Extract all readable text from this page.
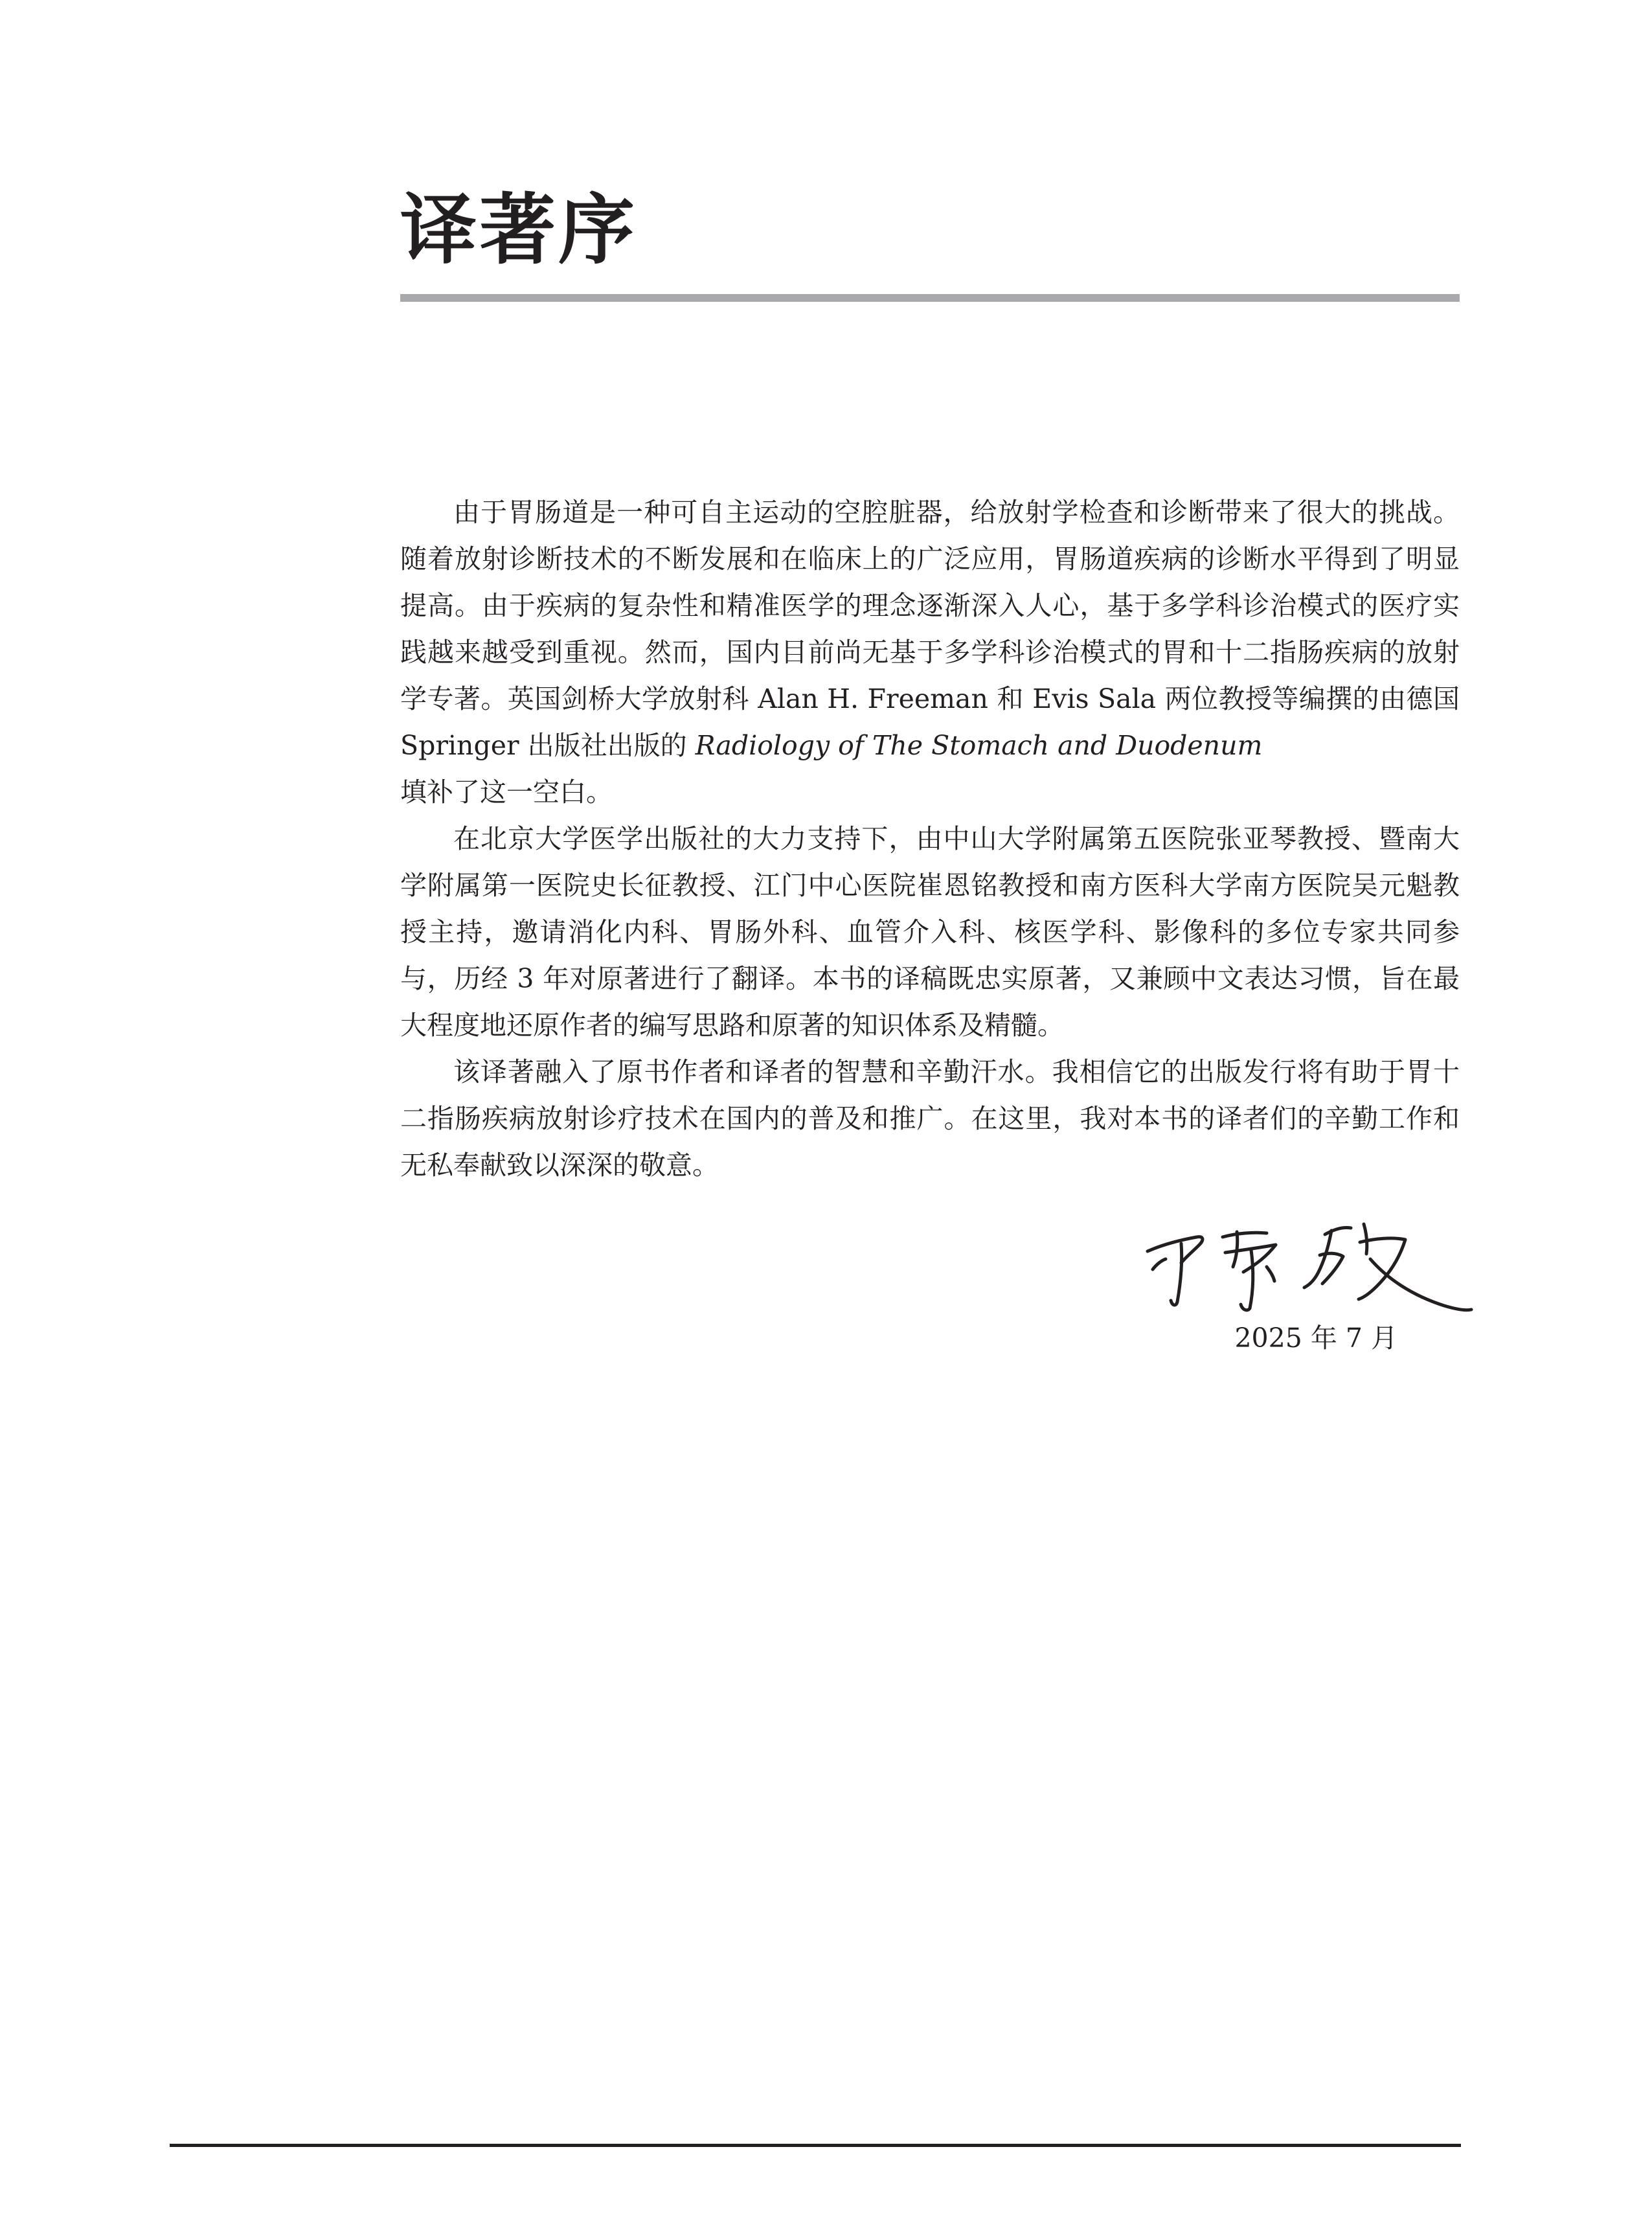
译著序

由于胃肠道是一种可自主运动的空腔脏器，给放射学检查和诊断带来了很大的挑战。随着放射诊断技术的不断发展和在临床上的广泛应用，胃肠道疾病的诊断水平得到了明显提高。由于疾病的复杂性和精准医学的理念逐渐深入人心，基于多学科诊治模式的医疗实践越来越受到重视。然而，国内目前尚无基于多学科诊治模式的胃和十二指肠疾病的放射学专著。英国剑桥大学放射科 Alan H. Freeman 和 Evis Sala 两位教授等编撰的由德国 Springer 出版社出版的 Radiology of The Stomach and Duodenum
填补了这一空白。

在北京大学医学出版社的大力支持下，由中山大学附属第五医院张亚琴教授、暨南大学附属第一医院史长征教授、江门中心医院崔恩铭教授和南方医科大学南方医院吴元魁教授主持，邀请消化内科、胃肠外科、血管介入科、核医学科、影像科的多位专家共同参与，历经 3 年对原著进行了翻译。本书的译稿既忠实原著，又兼顾中文表达习惯，旨在最大程度地还原作者的编写思路和原著的知识体系及精髓。

该译著融入了原书作者和译者的智慧和辛勤汗水。我相信它的出版发行将有助于胃十二指肠疾病放射诊疗技术在国内的普及和推广。在这里，我对本书的译者们的辛勤工作和无私奉献致以深深的敬意。

2025 年 7 月
